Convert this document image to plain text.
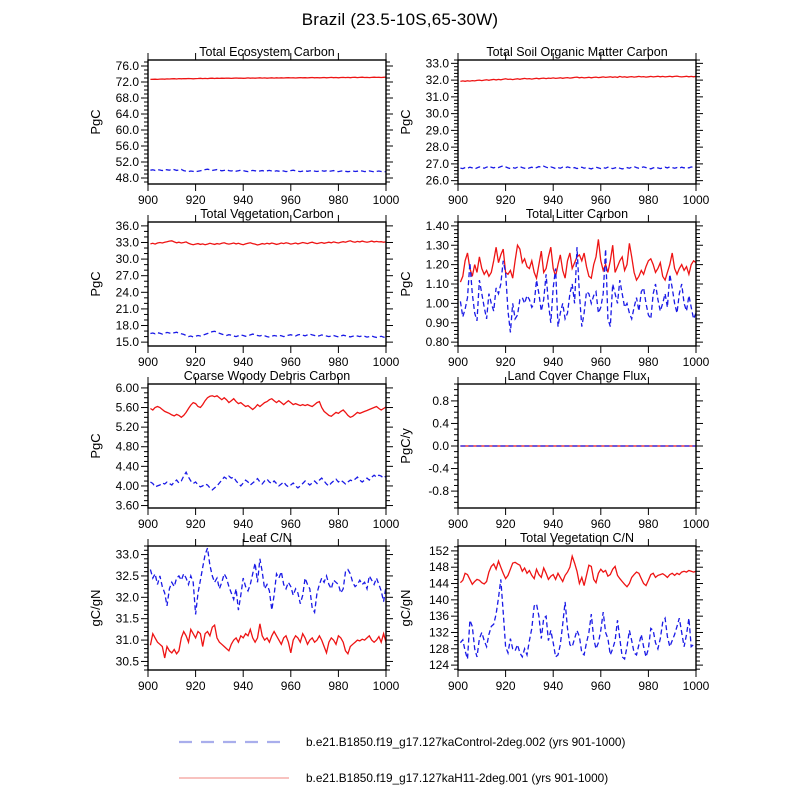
Brazil (23.5-10S,65-30W)
Total Ecosystem Carbon
PgC
48.0
52.0
56.0
60.0
64.0
68.0
72.0
76.0
900 920 940 960 980 1000
Total Soil Organic Matter Carbon
PgC
26.0
27.0
28.0
29.0
30.0
31.0
32.0
33.0
900 920 940 960 980 1000
Total Vegetation Carbon
PgC
15.0
18.0
21.0
24.0
27.0
30.0
33.0
36.0
900 920 940 960 980 1000
Total Litter Carbon
PgC
0.80
0.90
1.00
1.10
1.20
1.30
1.40
900 920 940 960 980 1000
Coarse Woody Debris Carbon
PgC
3.60
4.00
4.40
4.80
5.20
5.60
6.00
900 920 940 960 980 1000
Land Cover Change Flux
PgC/y
-0.8
-0.4
0.0
0.4
0.8
900 920 940 960 980 1000
Leaf C/N
gC/gN
30.5
31.0
31.5
32.0
32.5
33.0
900 920 940 960 980 1000
Total Vegetation C/N
gC/gN
124
128
132
136
140
144
148
152
900 920 940 960 980 1000
b.e21.B1850.f19_g17.127kaControl-2deg.002 (yrs 901-1000)
b.e21.B1850.f19_g17.127kaH11-2deg.001 (yrs 901-1000)
